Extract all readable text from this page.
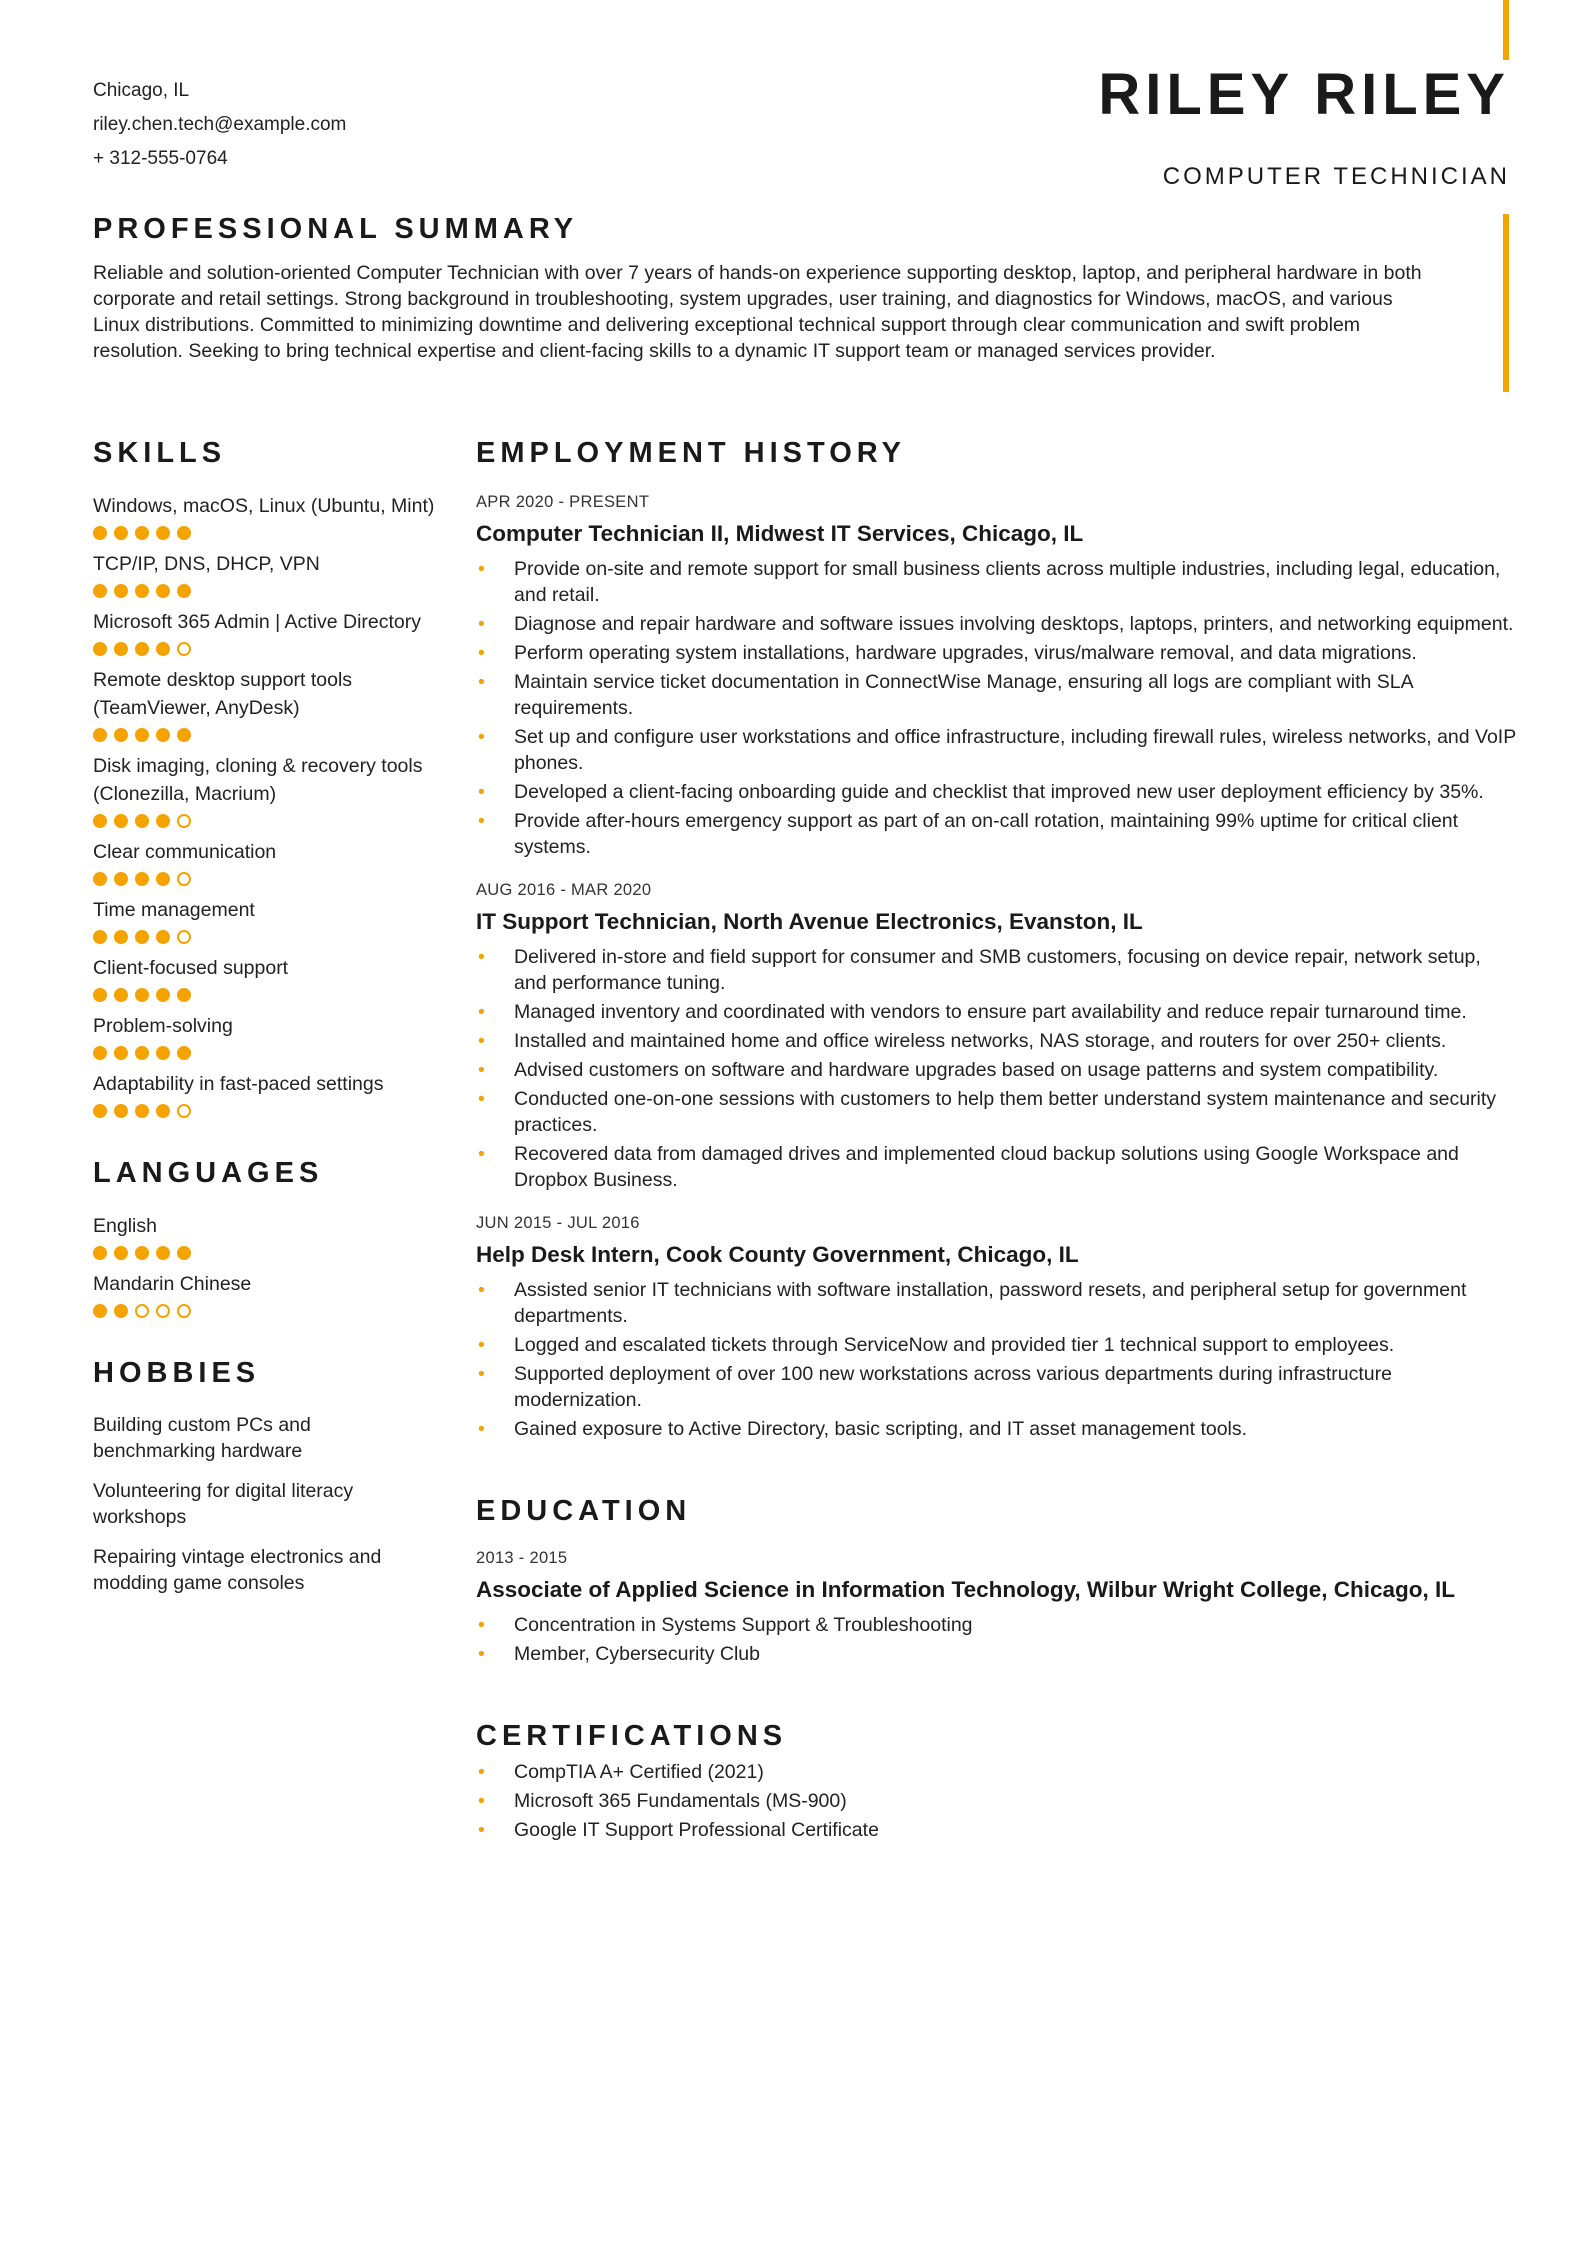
Chicago, IL
riley.chen.tech@example.com
+ 312-555-0764
RILEY RILEY
COMPUTER TECHNICIAN
PROFESSIONAL SUMMARY

Reliable and solution-oriented Computer Technician with over 7 years of hands-on experience supporting desktop, laptop, and peripheral hardware in both corporate and retail settings. Strong background in troubleshooting, system upgrades, user training, and diagnostics for Windows, macOS, and various Linux distributions. Committed to minimizing downtime and delivering exceptional technical support through clear communication and swift problem resolution. Seeking to bring technical expertise and client-facing skills to a dynamic IT support team or managed services provider.

SKILLS
Windows, macOS, Linux (Ubuntu, Mint)
TCP/IP, DNS, DHCP, VPN
Microsoft 365 Admin | Active Directory
Remote desktop support tools (TeamViewer, AnyDesk)
Disk imaging, cloning & recovery tools (Clonezilla, Macrium)
Clear communication
Time management
Client-focused support
Problem-solving
Adaptability in fast-paced settings
LANGUAGES
English
Mandarin Chinese
HOBBIES
Building custom PCs and benchmarking hardware
Volunteering for digital literacy workshops
Repairing vintage electronics and modding game consoles
EMPLOYMENT HISTORY
APR 2020 - PRESENT
Computer Technician II, Midwest IT Services, Chicago, IL
• Provide on-site and remote support for small business clients across multiple industries, including legal, education, and retail.
• Diagnose and repair hardware and software issues involving desktops, laptops, printers, and networking equipment.
• Perform operating system installations, hardware upgrades, virus/malware removal, and data migrations.
• Maintain service ticket documentation in ConnectWise Manage, ensuring all logs are compliant with SLA requirements.
• Set up and configure user workstations and office infrastructure, including firewall rules, wireless networks, and VoIP phones.
• Developed a client-facing onboarding guide and checklist that improved new user deployment efficiency by 35%.
• Provide after-hours emergency support as part of an on-call rotation, maintaining 99% uptime for critical client systems.
AUG 2016 - MAR 2020
IT Support Technician, North Avenue Electronics, Evanston, IL
• Delivered in-store and field support for consumer and SMB customers, focusing on device repair, network setup, and performance tuning.
• Managed inventory and coordinated with vendors to ensure part availability and reduce repair turnaround time.
• Installed and maintained home and office wireless networks, NAS storage, and routers for over 250+ clients.
• Advised customers on software and hardware upgrades based on usage patterns and system compatibility.
• Conducted one-on-one sessions with customers to help them better understand system maintenance and security practices.
• Recovered data from damaged drives and implemented cloud backup solutions using Google Workspace and Dropbox Business.
JUN 2015 - JUL 2016
Help Desk Intern, Cook County Government, Chicago, IL
• Assisted senior IT technicians with software installation, password resets, and peripheral setup for government departments.
• Logged and escalated tickets through ServiceNow and provided tier 1 technical support to employees.
• Supported deployment of over 100 new workstations across various departments during infrastructure modernization.
• Gained exposure to Active Directory, basic scripting, and IT asset management tools.
EDUCATION
2013 - 2015
Associate of Applied Science in Information Technology, Wilbur Wright College, Chicago, IL
• Concentration in Systems Support & Troubleshooting
• Member, Cybersecurity Club
CERTIFICATIONS
• CompTIA A+ Certified (2021)
• Microsoft 365 Fundamentals (MS-900)
• Google IT Support Professional Certificate
